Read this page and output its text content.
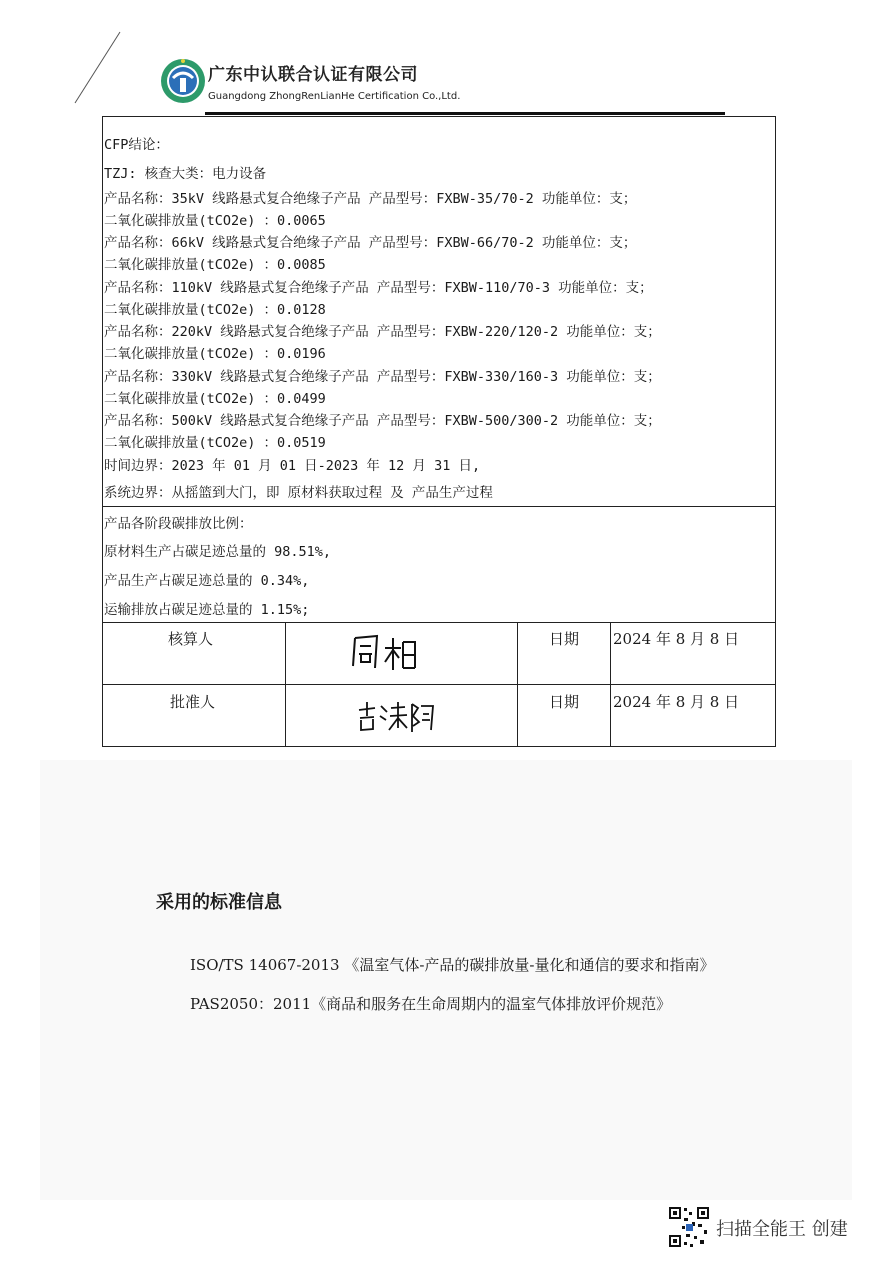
广东中认联合认证有限公司
Guangdong ZhongRenLianHe Certification Co.,Ltd.
CFP结论：
TZJ: 核查大类：电力设备
产品名称：35kV 线路悬式复合绝缘子产品 产品型号：FXBW-35/70-2 功能单位：支；
二氧化碳排放量(tCO2e) ：0.0065
产品名称：66kV 线路悬式复合绝缘子产品 产品型号：FXBW-66/70-2 功能单位：支；
二氧化碳排放量(tCO2e) ：0.0085
产品名称：110kV 线路悬式复合绝缘子产品 产品型号：FXBW-110/70-3 功能单位：支；
二氧化碳排放量(tCO2e) ：0.0128
产品名称：220kV 线路悬式复合绝缘子产品 产品型号：FXBW-220/120-2 功能单位：支；
二氧化碳排放量(tCO2e) ：0.0196
产品名称：330kV 线路悬式复合绝缘子产品 产品型号：FXBW-330/160-3 功能单位：支；
二氧化碳排放量(tCO2e) ：0.0499
产品名称：500kV 线路悬式复合绝缘子产品 产品型号：FXBW-500/300-2 功能单位：支；
二氧化碳排放量(tCO2e) ：0.0519
时间边界：2023 年 01 月 01 日-2023 年 12 月 31 日,
系统边界：从摇篮到大门，即 原材料获取过程 及 产品生产过程
产品各阶段碳排放比例：
原材料生产占碳足迹总量的 98.51%,
产品生产占碳足迹总量的 0.34%,
运输排放占碳足迹总量的 1.15%;
核算人	日期 2024 年 8 月 8 日
批准人	日期 2024 年 8 月 8 日
采用的标准信息
ISO/TS 14067-2013 《温室气体-产品的碳排放量-量化和通信的要求和指南》
PAS2050：2011《商品和服务在生命周期内的温室气体排放评价规范》
扫描全能王 创建
